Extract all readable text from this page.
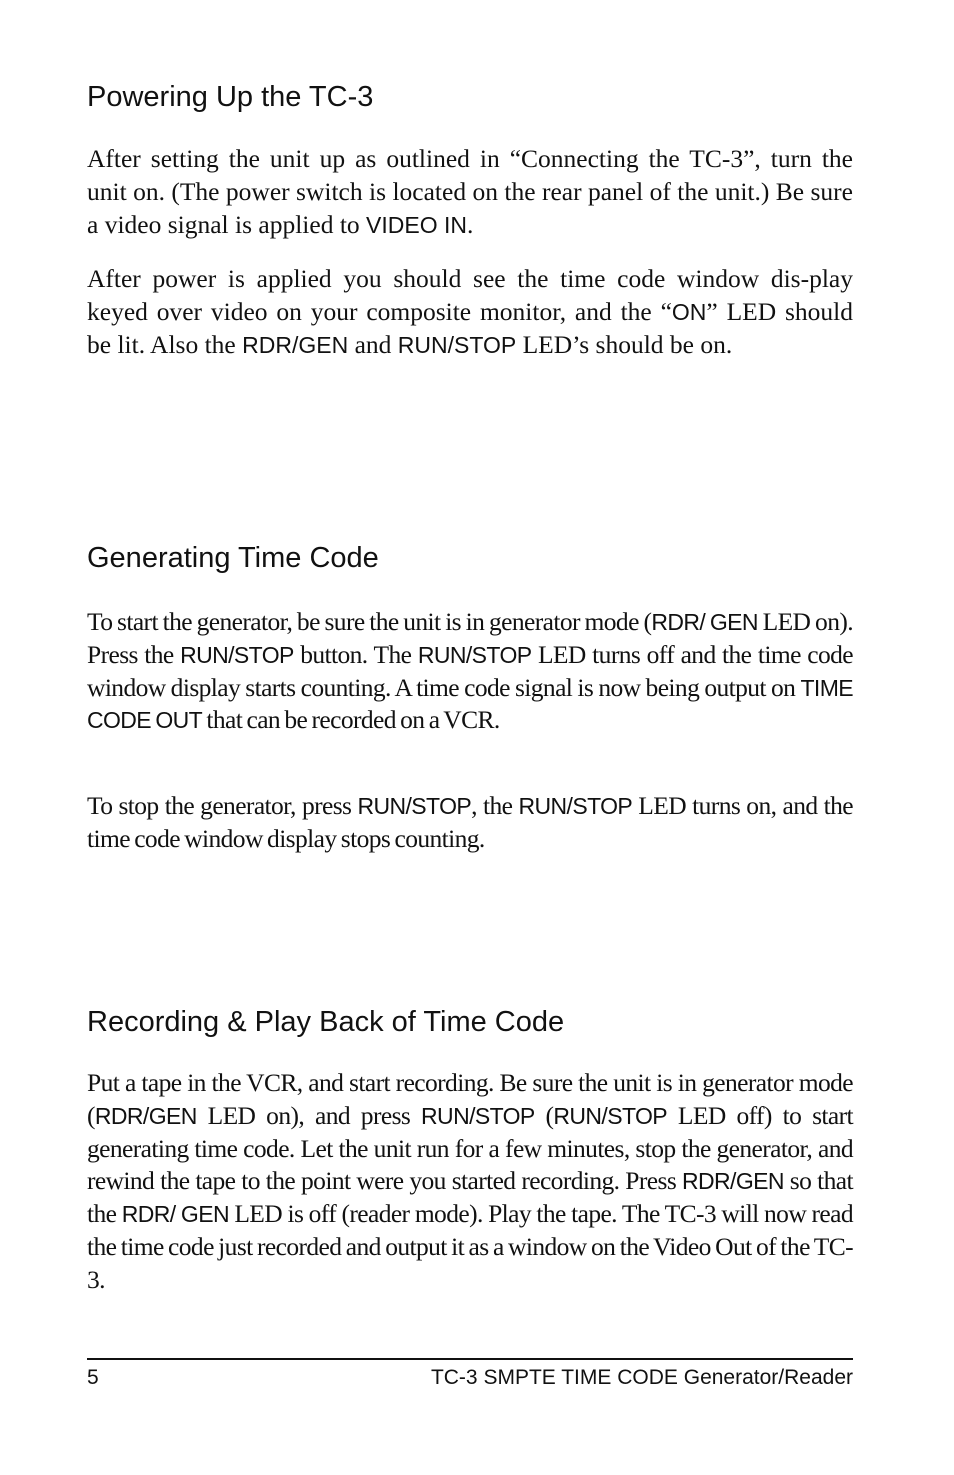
Powering Up the TC-3

After setting the unit up as outlined in “Connecting the TC-3”, turn the unit on. (The power switch is located on the rear panel of the unit.) Be sure a video signal is applied to VIDEO IN.

After power is applied you should see the time code window dis-play keyed over video on your composite monitor, and the “ON” LED should be lit. Also the RDR/GEN and RUN/STOP LED’s should be on.

Generating Time Code

To start the generator, be sure the unit is in generator mode (RDR/ GEN LED on). Press the RUN/STOP button. The RUN/STOP LED turns off and the time code window display starts counting. A time code signal is now being output on TIME CODE OUT that can be recorded on a VCR.

To stop the generator, press RUN/STOP, the RUN/STOP LED turns on, and the time code window display stops counting.

Recording & Play Back of Time Code

Put a tape in the VCR, and start recording. Be sure the unit is in generator mode (RDR/GEN LED on), and press RUN/STOP (RUN/STOP LED off) to start generating time code. Let the unit run for a few minutes, stop the generator, and rewind the tape to the point were you started recording. Press RDR/GEN so that the RDR/ GEN LED is off (reader mode). Play the tape. The TC-3 will now read the time code just recorded and output it as a window on the Video Out of the TC-3.

5	TC-3 SMPTE TIME CODE Generator/Reader
